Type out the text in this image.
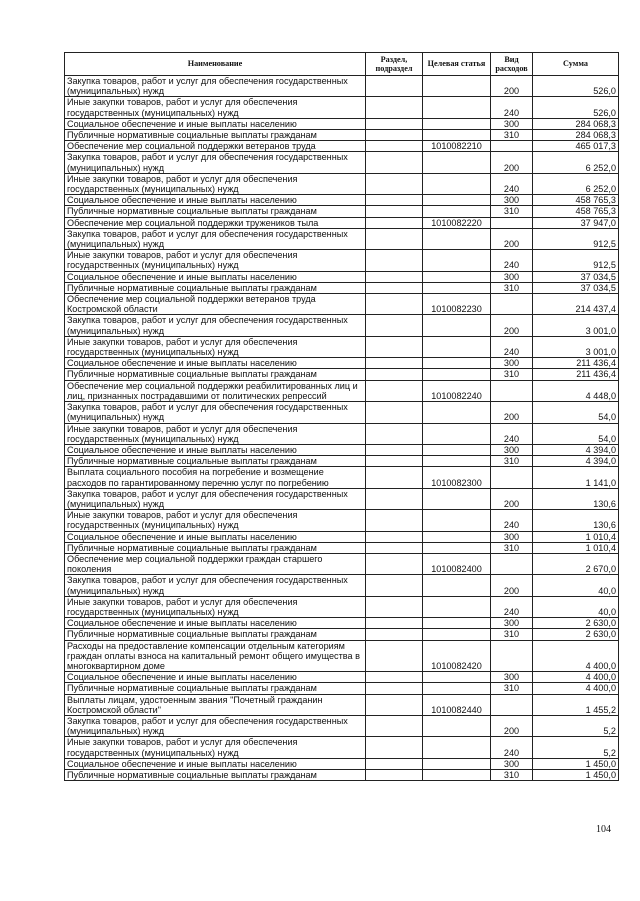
Наименование	Раздел, подраздел	Целевая статья	Вид расходов	Сумма
Закупка товаров, работ и услуг для обеспечения государственных (муниципальных) нужд			200	526,0
Иные закупки товаров, работ и услуг для обеспечения государственных (муниципальных) нужд			240	526,0
Социальное обеспечение и иные выплаты населению			300	284 068,3
Публичные нормативные социальные выплаты гражданам			310	284 068,3
Обеспечение мер социальной поддержки ветеранов труда		1010082210		465 017,3
Закупка товаров, работ и услуг для обеспечения государственных (муниципальных) нужд			200	6 252,0
Иные закупки товаров, работ и услуг для обеспечения государственных (муниципальных) нужд			240	6 252,0
Социальное обеспечение и иные выплаты населению			300	458 765,3
Публичные нормативные социальные выплаты гражданам			310	458 765,3
Обеспечение мер социальной поддержки тружеников тыла		1010082220		37 947,0
Закупка товаров, работ и услуг для обеспечения государственных (муниципальных) нужд			200	912,5
Иные закупки товаров, работ и услуг для обеспечения государственных (муниципальных) нужд			240	912,5
Социальное обеспечение и иные выплаты населению			300	37 034,5
Публичные нормативные социальные выплаты гражданам			310	37 034,5
Обеспечение мер социальной поддержки ветеранов труда Костромской области		1010082230		214 437,4
Закупка товаров, работ и услуг для обеспечения государственных (муниципальных) нужд			200	3 001,0
Иные закупки товаров, работ и услуг для обеспечения государственных (муниципальных) нужд			240	3 001,0
Социальное обеспечение и иные выплаты населению			300	211 436,4
Публичные нормативные социальные выплаты гражданам			310	211 436,4
Обеспечение мер социальной поддержки реабилитированных лиц и лиц, признанных пострадавшими от политических репрессий		1010082240		4 448,0
Закупка товаров, работ и услуг для обеспечения государственных (муниципальных) нужд			200	54,0
Иные закупки товаров, работ и услуг для обеспечения государственных (муниципальных) нужд			240	54,0
Социальное обеспечение и иные выплаты населению			300	4 394,0
Публичные нормативные социальные выплаты гражданам			310	4 394,0
Выплата социального пособия на погребение и возмещение расходов по гарантированному перечню услуг по погребению		1010082300		1 141,0
Закупка товаров, работ и услуг для обеспечения государственных (муниципальных) нужд			200	130,6
Иные закупки товаров, работ и услуг для обеспечения государственных (муниципальных) нужд			240	130,6
Социальное обеспечение и иные выплаты населению			300	1 010,4
Публичные нормативные социальные выплаты гражданам			310	1 010,4
Обеспечение мер социальной поддержки граждан старшего поколения		1010082400		2 670,0
Закупка товаров, работ и услуг для обеспечения государственных (муниципальных) нужд			200	40,0
Иные закупки товаров, работ и услуг для обеспечения государственных (муниципальных) нужд			240	40,0
Социальное обеспечение и иные выплаты населению			300	2 630,0
Публичные нормативные социальные выплаты гражданам			310	2 630,0
Расходы на предоставление компенсации отдельным категориям граждан оплаты взноса на капитальный ремонт общего имущества в многоквартирном доме		1010082420		4 400,0
Социальное обеспечение и иные выплаты населению			300	4 400,0
Публичные нормативные социальные выплаты гражданам			310	4 400,0
Выплаты лицам, удостоенным звания "Почетный гражданин Костромской области"		1010082440		1 455,2
Закупка товаров, работ и услуг для обеспечения государственных (муниципальных) нужд			200	5,2
Иные закупки товаров, работ и услуг для обеспечения государственных (муниципальных) нужд			240	5,2
Социальное обеспечение и иные выплаты населению			300	1 450,0
Публичные нормативные социальные выплаты гражданам			310	1 450,0
104
